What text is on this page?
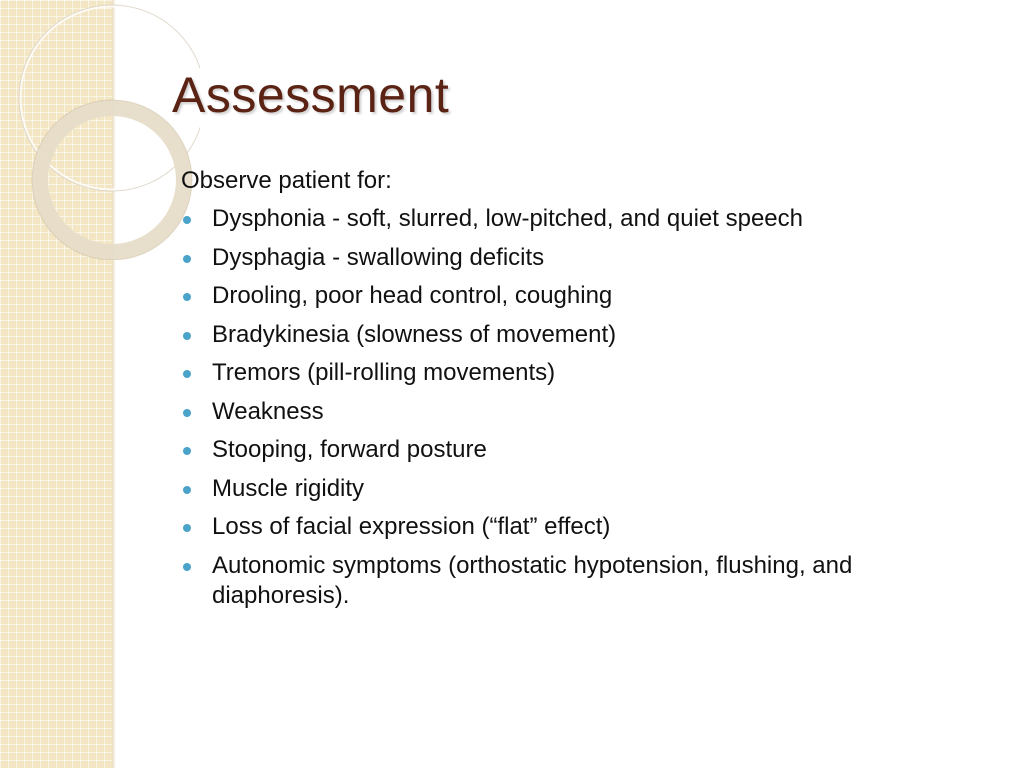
Assessment

Observe patient for:

Dysphonia - soft, slurred, low-pitched, and quiet speech
Dysphagia - swallowing deficits
Drooling, poor head control, coughing
Bradykinesia (slowness of movement)
Tremors (pill-rolling movements)
Weakness
Stooping, forward posture
Muscle rigidity
Loss of facial expression (“flat” effect)
Autonomic symptoms (orthostatic hypotension, flushing, and diaphoresis).
